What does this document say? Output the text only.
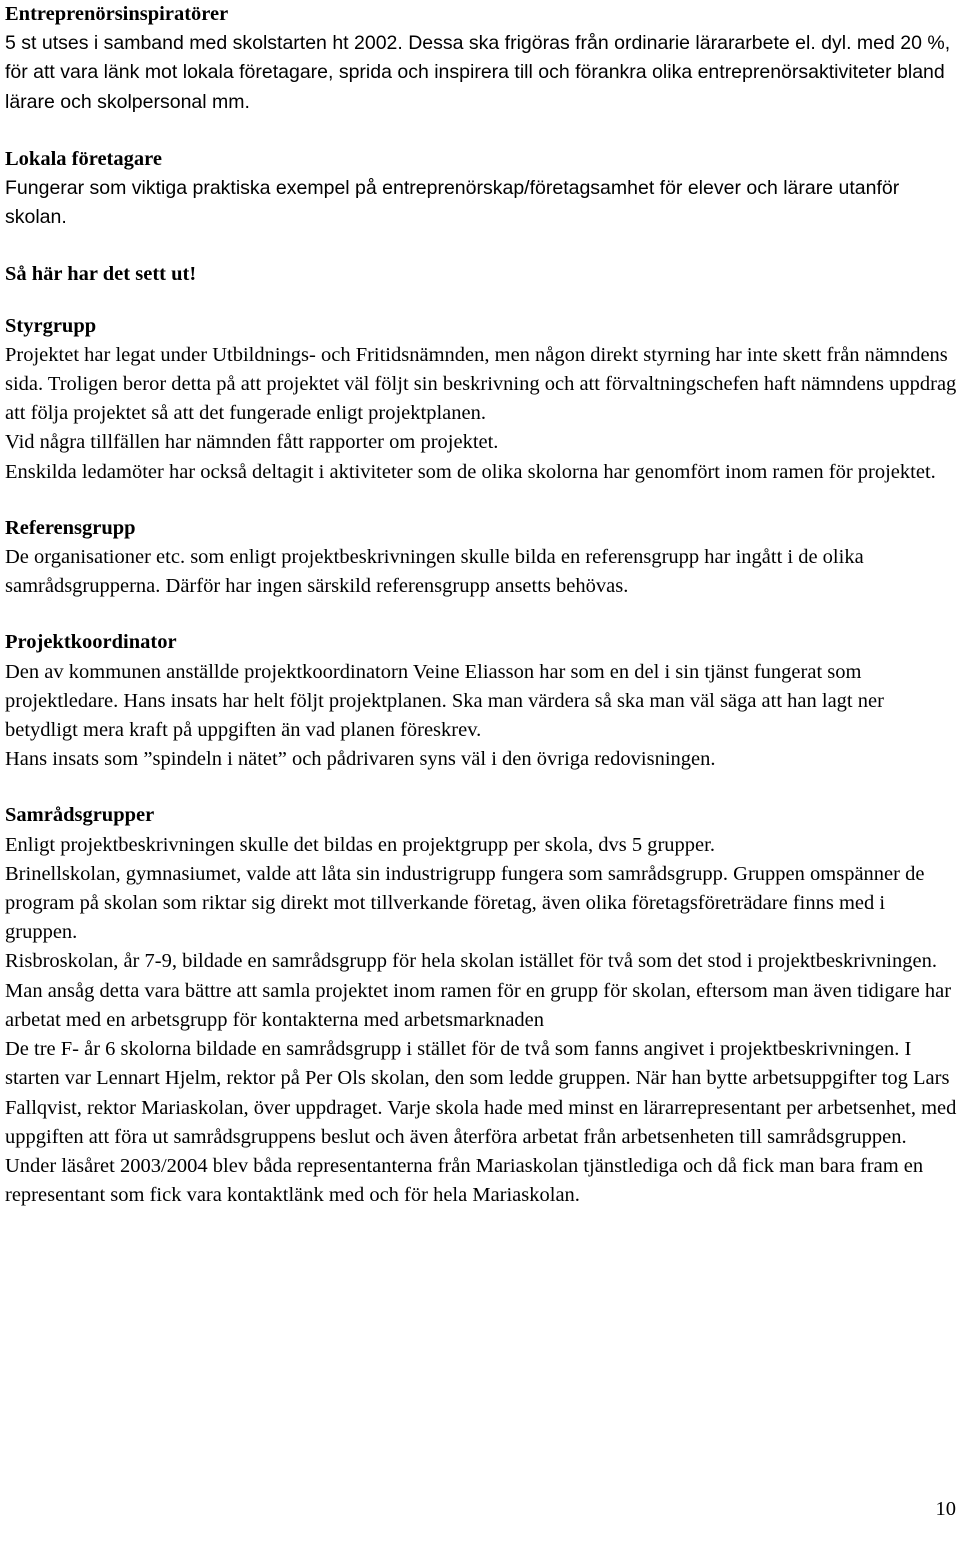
Entreprenörsinspiratörer

5 st utses i samband med skolstarten ht 2002. Dessa ska frigöras från ordinarie lärararbete el. dyl. med 20 %, för att vara länk mot lokala företagare, sprida och inspirera till och förankra olika entreprenörsaktiviteter bland lärare och skolpersonal mm.

Lokala företagare

Fungerar som viktiga praktiska exempel på entreprenörskap/företagsamhet för elever och lärare utanför skolan.

Så här har det sett ut!

Styrgrupp

Projektet har legat under Utbildnings- och Fritidsnämnden, men någon direkt styrning har inte skett från nämndens sida. Troligen beror detta på att projektet väl följt sin beskrivning och att förvaltningschefen haft nämndens uppdrag att följa projektet så att det fungerade enligt projektplanen.

Vid några tillfällen har nämnden fått rapporter om projektet.

Enskilda ledamöter har också deltagit i aktiviteter som de olika skolorna har genomfört inom ramen för projektet.

Referensgrupp

De organisationer etc. som enligt projektbeskrivningen skulle bilda en referensgrupp har ingått i de olika samrådsgrupperna. Därför har ingen särskild referensgrupp ansetts behövas.

Projektkoordinator

Den av kommunen anställde projektkoordinatorn Veine Eliasson har som en del i sin tjänst fungerat som projektledare. Hans insats har helt följt projektplanen. Ska man värdera så ska man väl säga att han lagt ner betydligt mera kraft på uppgiften än vad planen föreskrev.

Hans insats som ”spindeln i nätet” och pådrivaren syns väl i den övriga redovisningen.

Samrådsgrupper

Enligt projektbeskrivningen skulle det bildas en projektgrupp per skola, dvs 5 grupper.

Brinellskolan, gymnasiumet, valde att låta sin industrigrupp fungera som samrådsgrupp. Gruppen omspänner de program på skolan som riktar sig direkt mot tillverkande företag, även olika företagsföreträdare finns med i gruppen.

Risbroskolan, år 7-9, bildade en samrådsgrupp för hela skolan istället för två som det stod i projektbeskrivningen. Man ansåg detta vara bättre att samla projektet inom ramen för en grupp för skolan, eftersom man även tidigare har arbetat med en arbetsgrupp för kontakterna med arbetsmarknaden

De tre F- år 6 skolorna bildade en samrådsgrupp i stället för de två som fanns angivet i projektbeskrivningen. I starten var Lennart Hjelm, rektor på Per Ols skolan, den som ledde gruppen. När han bytte arbetsuppgifter tog Lars Fallqvist, rektor Mariaskolan, över uppdraget. Varje skola hade med minst en lärarrepresentant per arbetsenhet, med uppgiften att föra ut samrådsgruppens beslut och även återföra arbetat från arbetsenheten till samrådsgruppen.

Under läsåret 2003/2004 blev båda representanterna från Mariaskolan tjänstlediga och då fick man bara fram en representant som fick vara kontaktlänk med och för hela Mariaskolan.

10
